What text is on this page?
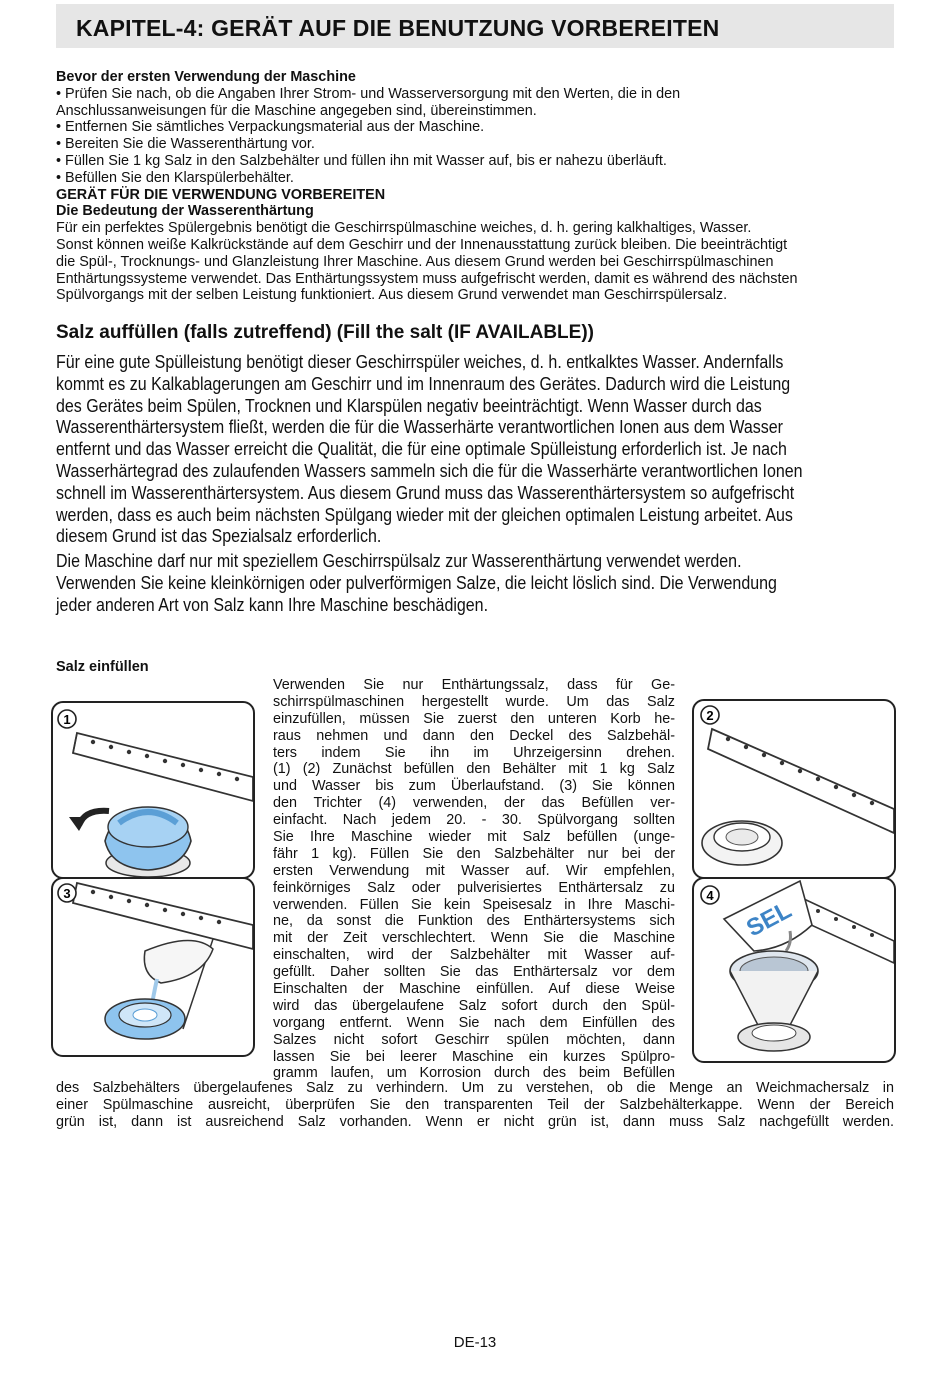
KAPITEL-4: GERÄT AUF DIE BENUTZUNG VORBEREITEN
Bevor der ersten Verwendung der Maschine
• Prüfen Sie nach, ob die Angaben Ihrer Strom- und Wasserversorgung mit den Werten, die in den
Anschlussanweisungen für die Maschine angegeben sind, übereinstimmen.
• Entfernen Sie sämtliches Verpackungsmaterial aus der Maschine.
• Bereiten Sie die Wasserenthärtung vor.
• Füllen Sie 1 kg Salz in den Salzbehälter und füllen ihn mit Wasser auf, bis er nahezu überläuft.
• Befüllen Sie den Klarspülerbehälter.
GERÄT FÜR DIE VERWENDUNG VORBEREITEN
Die Bedeutung der Wasserenthärtung
Für ein perfektes Spülergebnis benötigt die Geschirrspülmaschine weiches, d. h. gering kalkhaltiges, Wasser.
Sonst können weiße Kalkrückstände auf dem Geschirr und der Innenausstattung zurück bleiben. Die beeinträchtigt
die Spül-, Trocknungs- und Glanzleistung Ihrer Maschine. Aus diesem Grund werden bei Geschirrspülmaschinen
Enthärtungssysteme verwendet. Das Enthärtungssystem muss aufgefrischt werden, damit es während des nächsten
Spülvorgangs mit der selben Leistung funktioniert. Aus diesem Grund verwendet man Geschirrspülersalz.
Salz auffüllen (falls zutreffend) (Fill the salt (IF AVAILABLE))
Für eine gute Spülleistung benötigt dieser Geschirrspüler weiches, d. h. entkalktes Wasser. Andernfalls
kommt es zu Kalkablagerungen am Geschirr und im Innenraum des Gerätes. Dadurch wird die Leistung
des Gerätes beim Spülen, Trocknen und Klarspülen negativ beeinträchtigt. Wenn Wasser durch das
Wasserenthärtersystem fließt, werden die für die Wasserhärte verantwortlichen Ionen aus dem Wasser
entfernt und das Wasser erreicht die Qualität, die für eine optimale Spülleistung erforderlich ist. Je nach
Wasserhärtegrad des zulaufenden Wassers sammeln sich die für die Wasserhärte verantwortlichen Ionen
schnell im Wasserenthärtersystem. Aus diesem Grund muss das Wasserenthärtersystem so aufgefrischt
werden, dass es auch beim nächsten Spülgang wieder mit der gleichen optimalen Leistung arbeitet. Aus
diesem Grund ist das Spezialsalz erforderlich.
Die Maschine darf nur mit speziellem Geschirrspülsalz zur Wasserenthärtung verwendet werden.
Verwenden Sie keine kleinkörnigen oder pulverförmigen Salze, die leicht löslich sind. Die Verwendung
jeder anderen Art von Salz kann Ihre Maschine beschädigen.
Salz einfüllen
1
3
2
SEL
4
Verwenden Sie nur Enthärtungssalz, dass für Ge-
schirrspülmaschinen hergestellt wurde. Um das Salz
einzufüllen, müssen Sie zuerst den unteren Korb he-
raus nehmen und dann den Deckel des Salzbehäl-
ters indem Sie ihn im Uhrzeigersinn drehen.
(1) (2) Zunächst befüllen den Behälter mit 1 kg Salz
und Wasser bis zum Überlaufstand. (3) Sie können
den Trichter (4) verwenden, der das Befüllen ver-
einfacht. Nach jedem 20. - 30. Spülvorgang sollten
Sie Ihre Maschine wieder mit Salz befüllen (unge-
fähr 1 kg). Füllen Sie den Salzbehälter nur bei der
ersten Verwendung mit Wasser auf. Wir empfehlen,
feinkörniges Salz oder pulverisiertes Enthärtersalz zu
verwenden. Füllen Sie kein Speisesalz in Ihre Maschi-
ne, da sonst die Funktion des Enthärtersystems sich
mit der Zeit verschlechtert. Wenn Sie die Maschine
einschalten, wird der Salzbehälter mit Wasser auf-
gefüllt. Daher sollten Sie das Enthärtersalz vor dem
Einschalten der Maschine einfüllen. Auf diese Weise
wird das übergelaufene Salz sofort durch den Spül-
vorgang entfernt. Wenn Sie nach dem Einfüllen des
Salzes nicht sofort Geschirr spülen möchten, dann
lassen Sie bei leerer Maschine ein kurzes Spülpro-
gramm laufen, um Korrosion durch des beim Befüllen
des Salzbehälters übergelaufenes Salz zu verhindern. Um zu verstehen, ob die Menge an Weichmachersalz in
einer Spülmaschine ausreicht, überprüfen Sie den transparenten Teil der Salzbehälterkappe. Wenn der Bereich
grün ist, dann ist ausreichend Salz vorhanden. Wenn er nicht grün ist, dann muss Salz nachgefüllt werden.
DE-13
